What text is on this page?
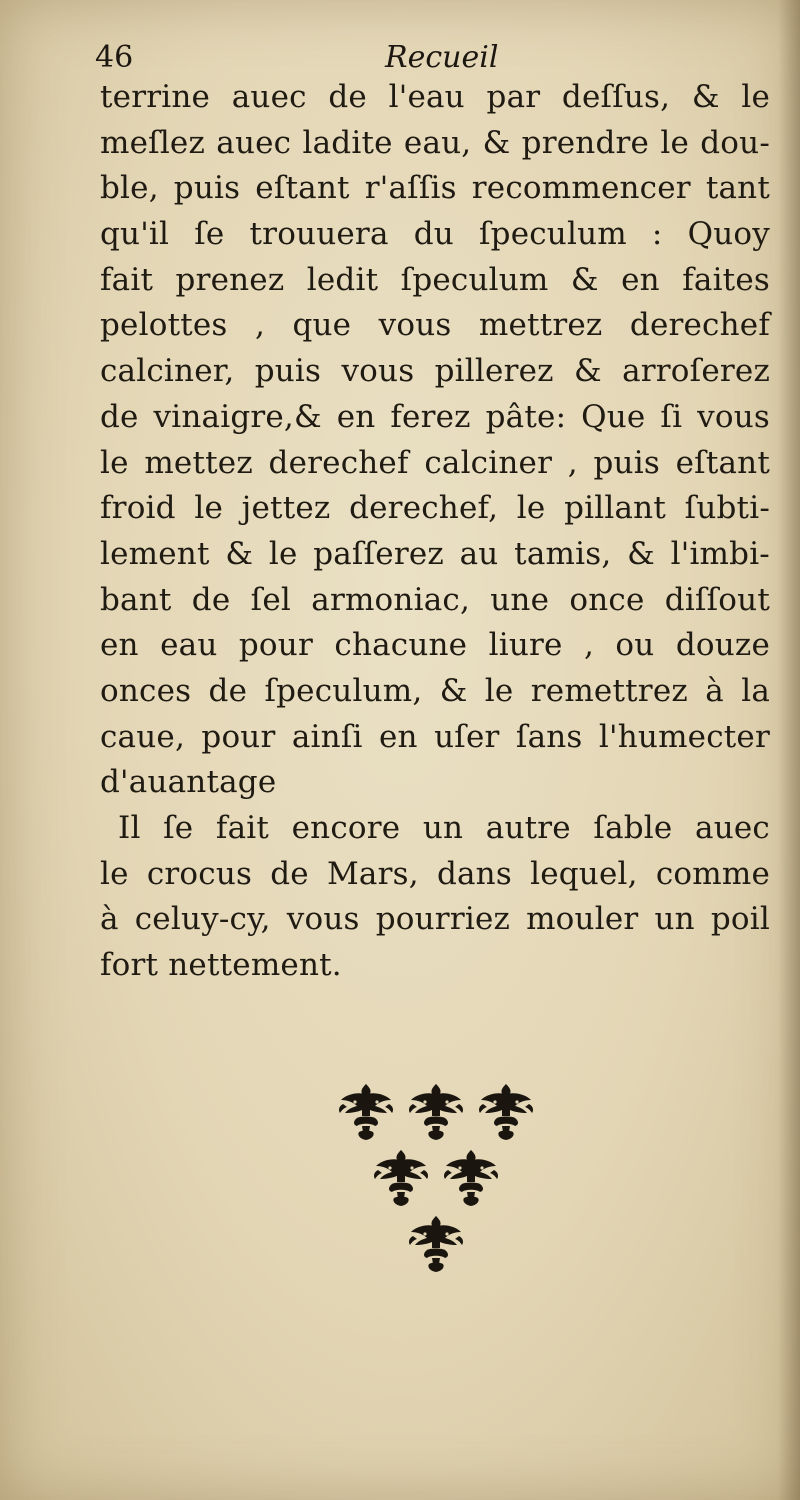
46	Recueil
terrine auec de l'eau par deſſus, & le
meſlez auec ladite eau, & prendre le dou-
ble, puis eſtant r'aſſis recommencer tant
qu'il ſe trouuera du ſpeculum : Quoy
fait prenez ledit ſpeculum & en faites
pelottes , que vous mettrez derechef
calciner, puis vous pillerez & arroſerez
de vinaigre,& en ferez pâte: Que ſi vous
le mettez derechef calciner , puis eſtant
froid le jettez derechef, le pillant ſubti-
lement & le paſſerez au tamis, & l'imbi-
bant de ſel armoniac, une once diſſout
en eau pour chacune liure , ou douze
onces de ſpeculum, & le remettrez à la
caue, pour ainſi en uſer ſans l'humecter
d'auantage
Il ſe fait encore un autre ſable auec
le crocus de Mars, dans lequel, comme
à celuy-cy, vous pourriez mouler un poil
fort nettement.
